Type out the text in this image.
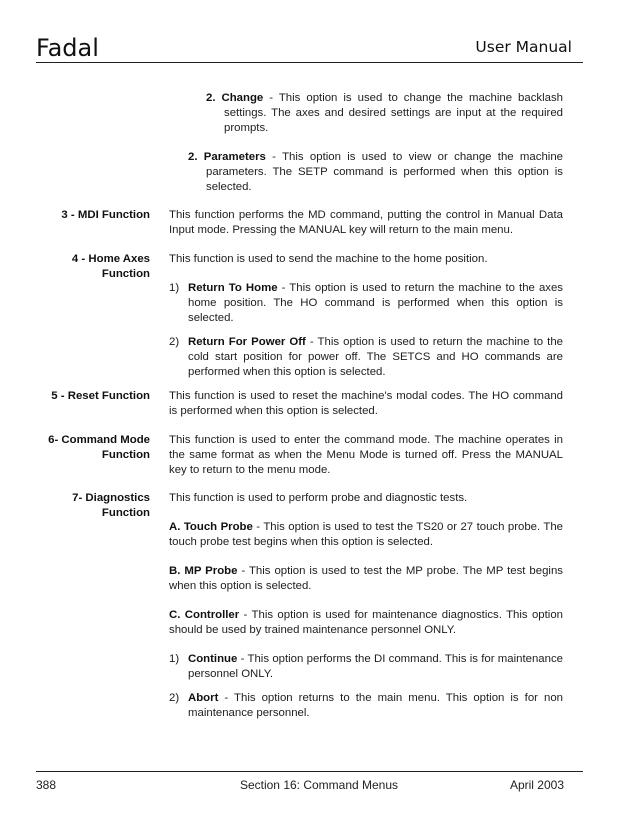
Fadal	User Manual
2. Change - This option is used to change the machine backlash settings. The axes and desired settings are input at the required prompts.
2. Parameters - This option is used to view or change the machine parameters. The SETP command is performed when this option is selected.
3 - MDI Function This function performs the MD command, putting the control in Manual Data Input mode. Pressing the MANUAL key will return to the main menu.
4 - Home Axes
Function
This function is used to send the machine to the home position.
1) Return To Home - This option is used to return the machine to the axes home position. The HO command is performed when this option is selected.
2) Return For Power Off - This option is used to return the machine to the cold start position for power off. The SETCS and HO commands are performed when this option is selected.
5 - Reset Function This function is used to reset the machine's modal codes. The HO command is performed when this option is selected.
6- Command Mode
Function
This function is used to enter the command mode. The machine operates in the same format as when the Menu Mode is turned off. Press the MANUAL key to return to the menu mode.
7- Diagnostics
Function
This function is used to perform probe and diagnostic tests.
A. Touch Probe - This option is used to test the TS20 or 27 touch probe. The touch probe test begins when this option is selected.
B. MP Probe - This option is used to test the MP probe. The MP test begins when this option is selected.
C. Controller - This option is used for maintenance diagnostics. This option should be used by trained maintenance personnel ONLY.
1) Continue - This option performs the DI command. This is for maintenance personnel ONLY.
2) Abort - This option returns to the main menu. This option is for non maintenance personnel.
388	Section 16: Command Menus	April 2003
